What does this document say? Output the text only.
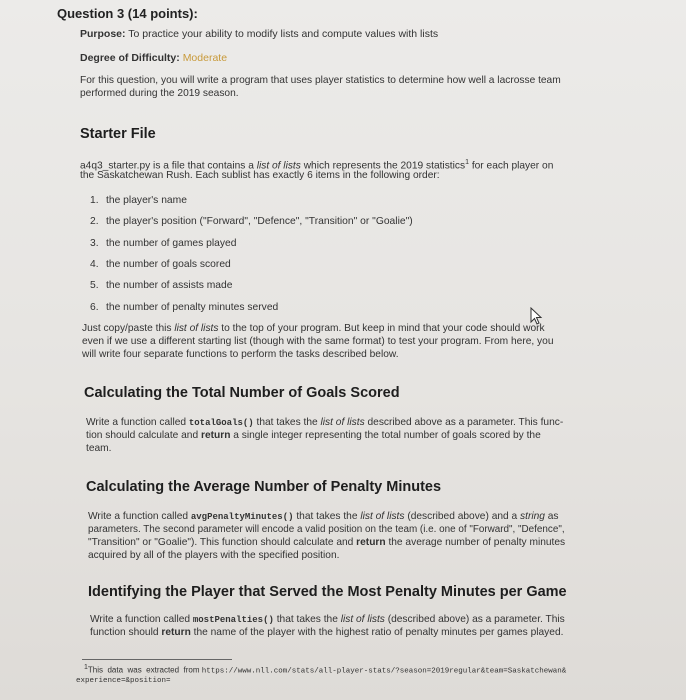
Question 3 (14 points):
Purpose: To practice your ability to modify lists and compute values with lists
Degree of Difficulty: Moderate
For this question, you will write a program that uses player statistics to determine how well a lacrosse team
performed during the 2019 season.
Starter File
a4q3_starter.py is a file that contains a list of lists which represents the 2019 statistics$^1$ for each player on
the Saskatchewan Rush. Each sublist has exactly 6 items in the following order:
1. the player's name
2. the player's position ("Forward", "Defence", "Transition" or "Goalie")
3. the number of games played
4. the number of goals scored
5. the number of assists made
6. the number of penalty minutes served
Just copy/paste this list of lists to the top of your program. But keep in mind that your code should work
even if we use a different starting list (though with the same format) to test your program. From here, you
will write four separate functions to perform the tasks described below.
Calculating the Total Number of Goals Scored
Write a function called totalGoals() that takes the list of lists described above as a parameter. This func-
tion should calculate and return a single integer representing the total number of goals scored by the
team.
Calculating the Average Number of Penalty Minutes
Write a function called avgPenaltyMinutes() that takes the list of lists (described above) and a string as
parameters. The second parameter will encode a valid position on the team (i.e. one of "Forward", "Defence",
"Transition" or "Goalie"). This function should calculate and return the average number of penalty minutes
acquired by all of the players with the specified position.
Identifying the Player that Served the Most Penalty Minutes per Game
Write a function called mostPenalties() that takes the list of lists (described above) as a parameter. This
function should return the name of the player with the highest ratio of penalty minutes per games played.
1This  data  was  extracted  from https://www.nll.com/stats/all-player-stats/?season=2019regular&team=Saskatchewan&
experience=&position=
